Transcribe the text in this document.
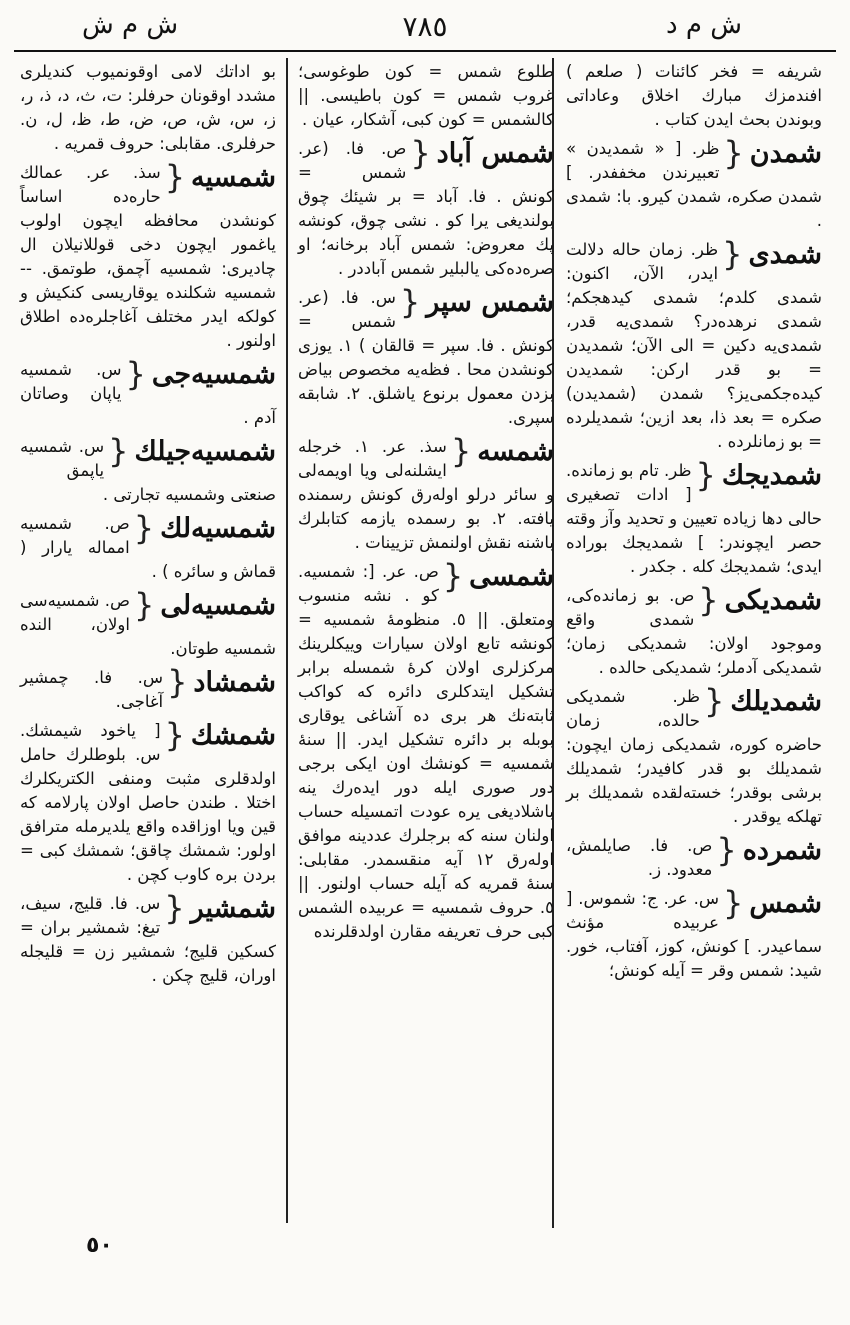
ش م د
٧٨٥
ش م ش
شريفه = فخر كائنات ( صلعم ) افندمزك مبارك اخلاق وعاداتى وبوندن بحث ايدن كتاب .
شمدن
{
ظر. [ « شمديدن » تعبيرندن مخففدر. ] شمدن صكره، شمدن كيرو. با: شمدى .
شمدى
{
ظر. زمان حاله دلالت ايدر، الآن، اكنون: شمدى كلدم؛ شمدى كيدهجكم؛ شمدى نرهده‌در؟ شمدى‌يه قدر، شمدى‌يه دكين = الى الآن؛ شمديدن = بو قدر اركن: شمديدن كيده‌جكمى‌يز؟ شمدن (شمديدن) صكره = بعد ذا، بعد ازين؛ شمديلرده = بو زمانلرده .
شمديجك
{
ظر. تام بو زمانده. [ ادات تصغيرى حالى دها زياده تعيين و تحديد وآز وقته حصر ايچوندر: ] شمديجك بوراده ايدى؛ شمديجك كله . جكدر .
شمديكى
{
ص. بو زمانده‌كى، شمدى واقع وموجود اولان: شمديكى زمان؛ شمديكى آدملر؛ شمديكى حالده .
شمديلك
{
ظر. شمديكى حالده، زمان حاضره كوره، شمديكى زمان ايچون: شمديلك بو قدر كافيدر؛ شمديلك برشى بوقدر؛ خسته‌لقده شمديلك بر تهلكه يوقدر .
شمرده
{
ص. فا. صايلمش، معدود. ز.
شمس
{
س. عر. ج: شموس. [ عربيده مؤنث سماعيدر. ] كونش، كوز، آفتاب، خور. شيد: شمس وقر = آيله كونش؛
طلوع شمس = كون طوغوسى؛ غروب شمس = كون باطيسى. || كالشمس = كون كبى، آشكار، عيان .
شمس آباد
{
ص. فا. (عر. شمس = كونش . فا. آباد = بر شيئك چوق بولنديغى يرا كو . نشى چوق، كونشه پك معروض: شمس آباد برخانه؛ او صره‌ده‌كى يالبلير شمس آباددر .
شمس سپر
{
س. فا. (عر. شمس = كونش . فا. سپر = قالقان ) ١. يوزى كونشدن محا . فظه‌يه مخصوص بياض بزدن معمول برنوع ياشلق. ٢. شابقه سپرى.
شمسه
{
سذ. عر. ١. خرجله ايشلنه‌لى ويا اويمه‌لى و سائر درلو اوله‌رق كونش رسمنده يافته. ٢. بو رسمده يازمه كتابلرك باشنه نقش اولنمش تزيينات .
شمسى
{
ص. عر. [: شمسيه. كو . نشه منسوب ومتعلق. || ٥. منظومهٔ شمسيه = كونشه تابع اولان سيارات وييكلرينك مركزلرى اولان كرهٔ شمسله برابر تشكيل ايتدكلرى دائره كه كواكب ثابته‌نك هر برى ده آشاغى يوقارى بوبله بر دائره تشكيل ايدر. || سنهٔ شمسيه = كونشك اون ايكى برجى دور صورى ايله دور ايده‌رك ينه باشلاديغى يره عودت اتمسيله حساب اولنان سنه كه برجلرك عددينه موافق اوله‌رق ١٢ آيه منقسمدر. مقابلى: سنهٔ قمريه كه آيله حساب اولنور. || ٥. حروف شمسيه = عربيده الشمس كبى حرف تعريفه مقارن اولدقلرنده
بو اداتك لامى اوقونميوب كنديلرى مشدد اوقونان حرفلر: ت، ث، د، ذ، ر، ز، س، ش، ص، ض، ط، ظ، ل، ن. حرفلرى. مقابلى: حروف قمريه .
شمسيه
{
سذ. عر. عمالك حاره‌ده اساساً كونشدن محافظه ايچون اولوب ياغمور ايچون دخى قوللانيلان ال چاديرى: شمسيه آچمق، طوتمق. -- شمسيه شكلنده يوقاريسى كنكيش و كولكه ايدر مختلف آغاجلره‌ده اطلاق اولنور .
شمسيه‌جى
{
س. شمسيه ياپان وصاتان آدم .
شمسيه‌جيلك
{
س. شمسيه ياپمق صنعتى وشمسيه تجارتى .
شمسيه‌لك
{
ص. شمسيه امماله يارار ( قماش و سائره ) .
شمسيه‌لى
{
ص. شمسيه‌سى اولان، النده شمسيه طوتان.
شمشاد
{
س. فا. چمشير آغاجى.
شمشك
{
[ ياخود شيمشك. س. بلوطلرك حامل اولدقلرى مثبت ومنفى الكتريكلرك اختلا . طندن حاصل اولان پارلامه كه قين ويا اوزاقده واقع يلديرمله مترافق اولور: شمشك چاقق؛ شمشك كبى = بردن بره كاوب كچن .
شمشير
{
س. فا. قليج، سيف، تيغ: شمشير بران = كسكين قليج؛ شمشير زن = قليجله اوران، قليج چكن .
٥٠
